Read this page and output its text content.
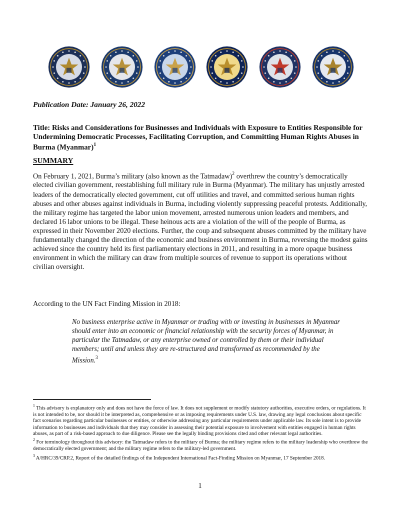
Publication Date: January 26, 2022

Title: Risks and Considerations for Businesses and Individuals with Exposure to Entities Responsible for Undermining Democratic Processes, Facilitating Corruption, and Committing Human Rights Abuses in Burma (Myanmar)$^1$

SUMMARY

On February 1, 2021, Burma’s military (also known as the Tatmadaw)$^2$ overthrew the country’s democratically elected civilian government, reestablishing full military rule in Burma (Myanmar). The military has unjustly arrested leaders of the democratically elected government, cut off utilities and travel, and committed serious human rights abuses and other abuses against individuals in Burma, including violently suppressing peaceful protests. Additionally, the military regime has targeted the labor union movement, arrested numerous union leaders and members, and declared 16 labor unions to be illegal. These heinous acts are a violation of the will of the people of Burma, as expressed in their November 2020 elections. Further, the coup and subsequent abuses committed by the military have fundamentally changed the direction of the economic and business environment in Burma, reversing the modest gains achieved since the country held its first parliamentary elections in 2011, and resulting in a more opaque business environment in which the military can draw from multiple sources of revenue to support its operations without civilian oversight.

According to the UN Fact Finding Mission in 2018:

No business enterprise active in Myanmar or trading with or investing in businesses in Myanmar should enter into an economic or financial relationship with the security forces of Myanmar, in particular the Tatmadaw, or any enterprise owned or controlled by them or their individual members; until and unless they are re-structured and transformed as recommended by the Mission.$^3$

$^1$ This advisory is explanatory only and does not have the force of law. It does not supplement or modify statutory authorities, executive orders, or regulations. It is not intended to be, nor should it be interpreted as, comprehensive or as imposing requirements under U.S. law, drawing any legal conclusions about specific fact scenarios regarding particular businesses or entities, or otherwise addressing any particular requirements under applicable law. Its sole intent is to provide information to businesses and individuals that they may consider in assessing their potential exposure to involvement with entities engaged in human rights abuses, as part of a risk-based approach to due diligence. Please see the legally binding provisions cited and other relevant legal authorities.

$^2$ For terminology throughout this advisory: the Tatmadaw refers to the military of Burma; the military regime refers to the military leadership who overthrew the democratically elected government; and the military regime refers to the military-led government.

$^3$ A/HRC/39/CRP.2, Report of the detailed findings of the Independent International Fact-Finding Mission on Myanmar, 17 September 2018.

1
